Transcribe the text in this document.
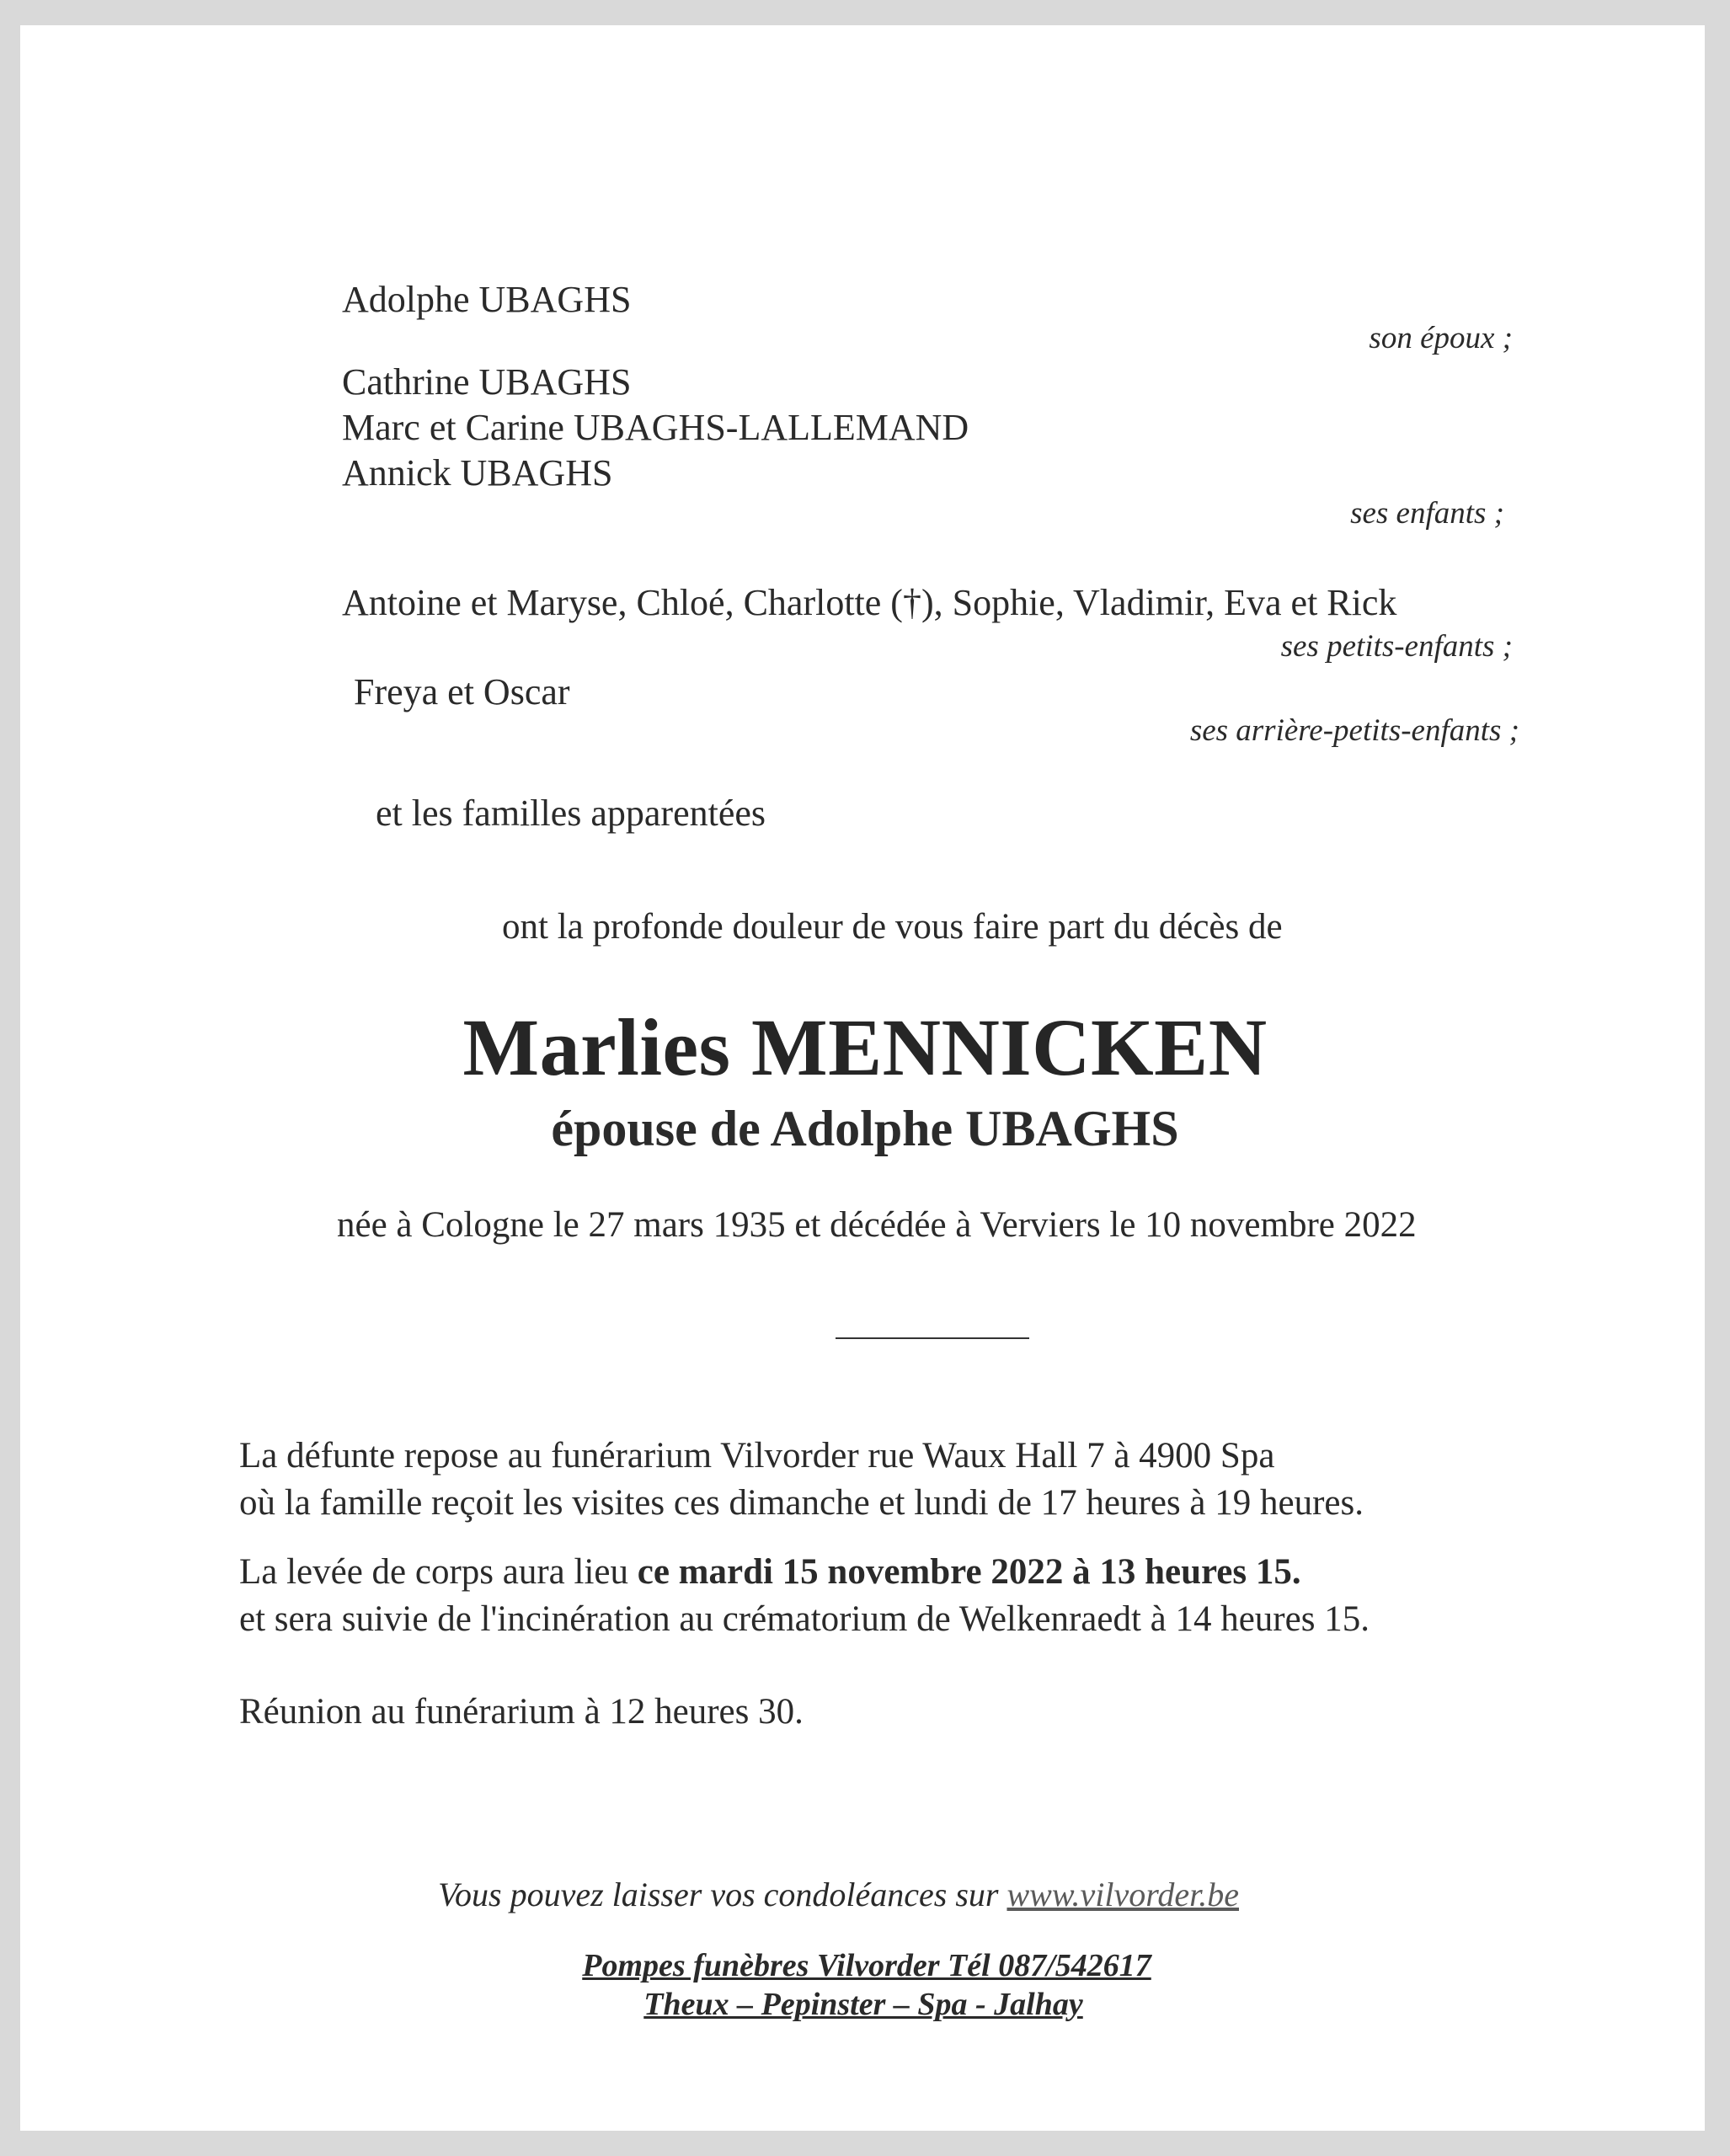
Adolphe UBAGHS
son époux ;
Cathrine UBAGHS
Marc et Carine UBAGHS-LALLEMAND
Annick UBAGHS
ses enfants ;
Antoine et Maryse, Chloé, Charlotte (†), Sophie, Vladimir, Eva et Rick
ses petits-enfants ;
Freya et Oscar
ses arrière-petits-enfants ;
et les familles apparentées
ont la profonde douleur de vous faire part du décès de
Marlies MENNICKEN
épouse de Adolphe UBAGHS
née à Cologne le 27 mars 1935 et décédée à Verviers le 10 novembre 2022
La défunte repose au funérarium Vilvorder rue Waux Hall 7 à 4900 Spa
où la famille reçoit les visites ces dimanche et lundi de 17 heures à 19 heures.
La levée de corps aura lieu ce mardi 15 novembre 2022 à 13 heures 15.
et sera suivie de l'incinération au crématorium de Welkenraedt à 14 heures 15.
Réunion au funérarium à 12 heures 30.
Vous pouvez laisser vos condoléances sur www.vilvorder.be
Pompes funèbres Vilvorder Tél 087/542617
Theux – Pepinster – Spa - Jalhay
